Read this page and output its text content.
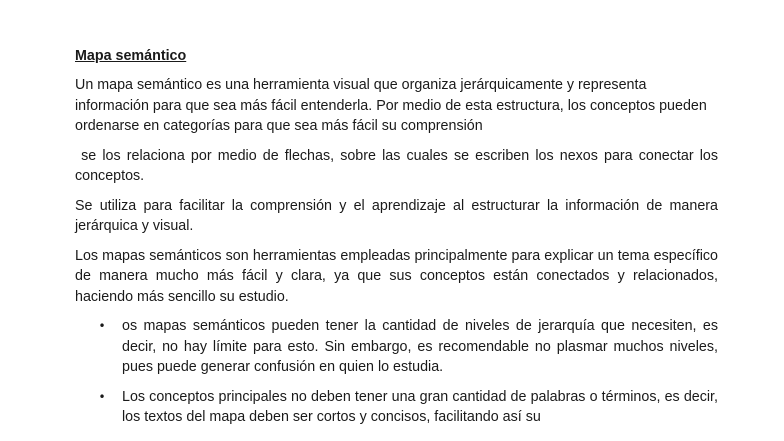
Mapa semántico

Un mapa semántico es una herramienta visual que organiza jerárquicamente y representa información para que sea más fácil entenderla. Por medio de esta estructura, los conceptos pueden ordenarse en categorías para que sea más fácil su comprensión

se los relaciona por medio de flechas, sobre las cuales se escriben los nexos para conectar los conceptos.

Se utiliza para facilitar la comprensión y el aprendizaje al estructurar la información de manera jerárquica y visual.

Los mapas semánticos son herramientas empleadas principalmente para explicar un tema específico de manera mucho más fácil y clara, ya que sus conceptos están conectados y relacionados, haciendo más sencillo su estudio.

• os mapas semánticos pueden tener la cantidad de niveles de jerarquía que necesiten, es decir, no hay límite para esto. Sin embargo, es recomendable no plasmar muchos niveles, pues puede generar confusión en quien lo estudia.
• Los conceptos principales no deben tener una gran cantidad de palabras o términos, es decir, los textos del mapa deben ser cortos y concisos, facilitando así su
